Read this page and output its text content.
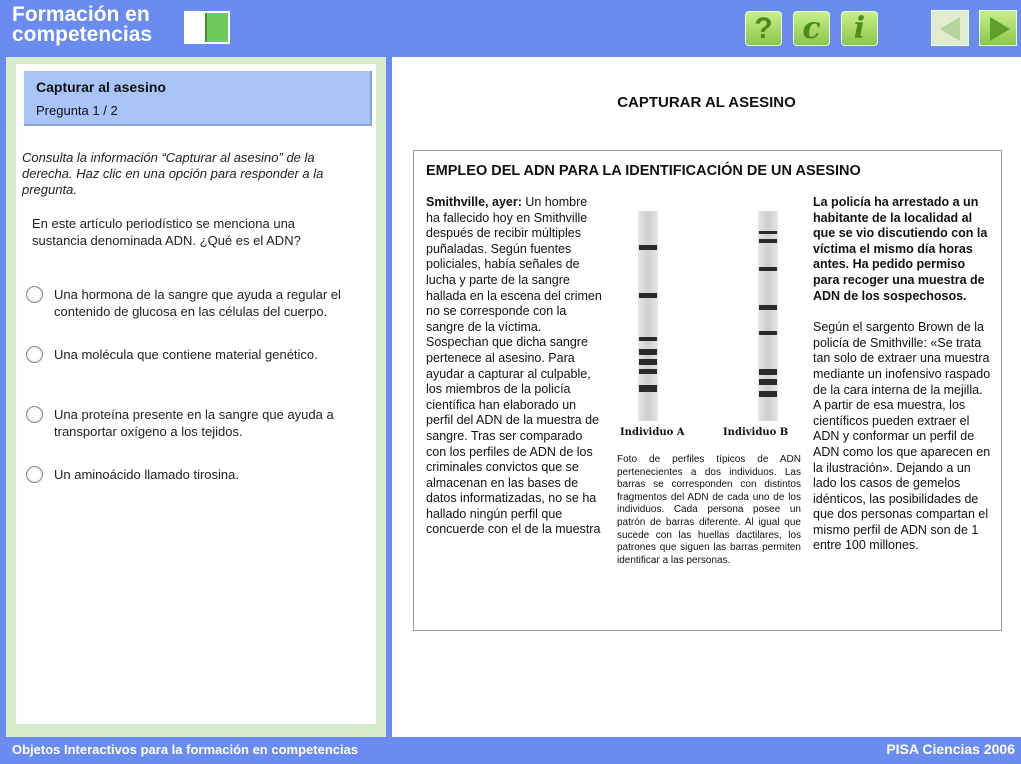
Formación en
competencias	? c	i
Capturar al asesino
Pregunta 1 / 2
Consulta la información “Capturar al asesino” de la derecha. Haz clic en una opción para responder a la pregunta.
En este artículo periodístico se menciona una sustancia denominada ADN. ¿Qué es el ADN?
Una hormona de la sangre que ayuda a regular el contenido de glucosa en las células del cuerpo.
Una molécula que contiene material genético.
Una proteína presente en la sangre que ayuda a transportar oxígeno a los tejidos.
Un aminoácido llamado tirosina.
CAPTURAR AL ASESINO
EMPLEO DEL ADN PARA LA IDENTIFICACIÓN DE UN ASESINO
Smithville, ayer: Un hombre ha fallecido hoy en Smithville después de recibir múltiples puñaladas. Según fuentes policiales, había señales de lucha y parte de la sangre hallada en la escena del crimen no se corresponde con la sangre de la víctima. Sospechan que dicha sangre pertenece al asesino. Para ayudar a capturar al culpable, los miembros de la policía científica han elaborado un perfil del ADN de la muestra de sangre. Tras ser comparado con los perfiles de ADN de los criminales convictos que se almacenan en las bases de datos informatizadas, no se ha hallado ningún perfil que concuerde con el de la muestra
Individuo A	Individuo B
Foto de perfiles típicos de ADN pertenecientes a dos individuos. Las barras se corresponden con distintos fragmentos del ADN de cada uno de los individuos. Cada persona posee un patrón de barras diferente. Al igual que sucede con las huellas dactilares, los patrones que siguen las barras permiten identificar a las personas.
La policía ha arrestado a un habitante de la localidad al que se vio discutiendo con la víctima el mismo día horas antes. Ha pedido permiso para recoger una muestra de ADN de los sospechosos.
Según el sargento Brown de la policía de Smithville: «Se trata tan solo de extraer una muestra mediante un inofensivo raspado de la cara interna de la mejilla. A partir de esa muestra, los científicos pueden extraer el ADN y conformar un perfil de ADN como los que aparecen en la ilustración». Dejando a un lado los casos de gemelos idénticos, las posibilidades de que dos personas compartan el mismo perfil de ADN son de 1 entre 100 millones.
Objetos Interactivos para la formación en competencias	PISA Ciencias 2006
